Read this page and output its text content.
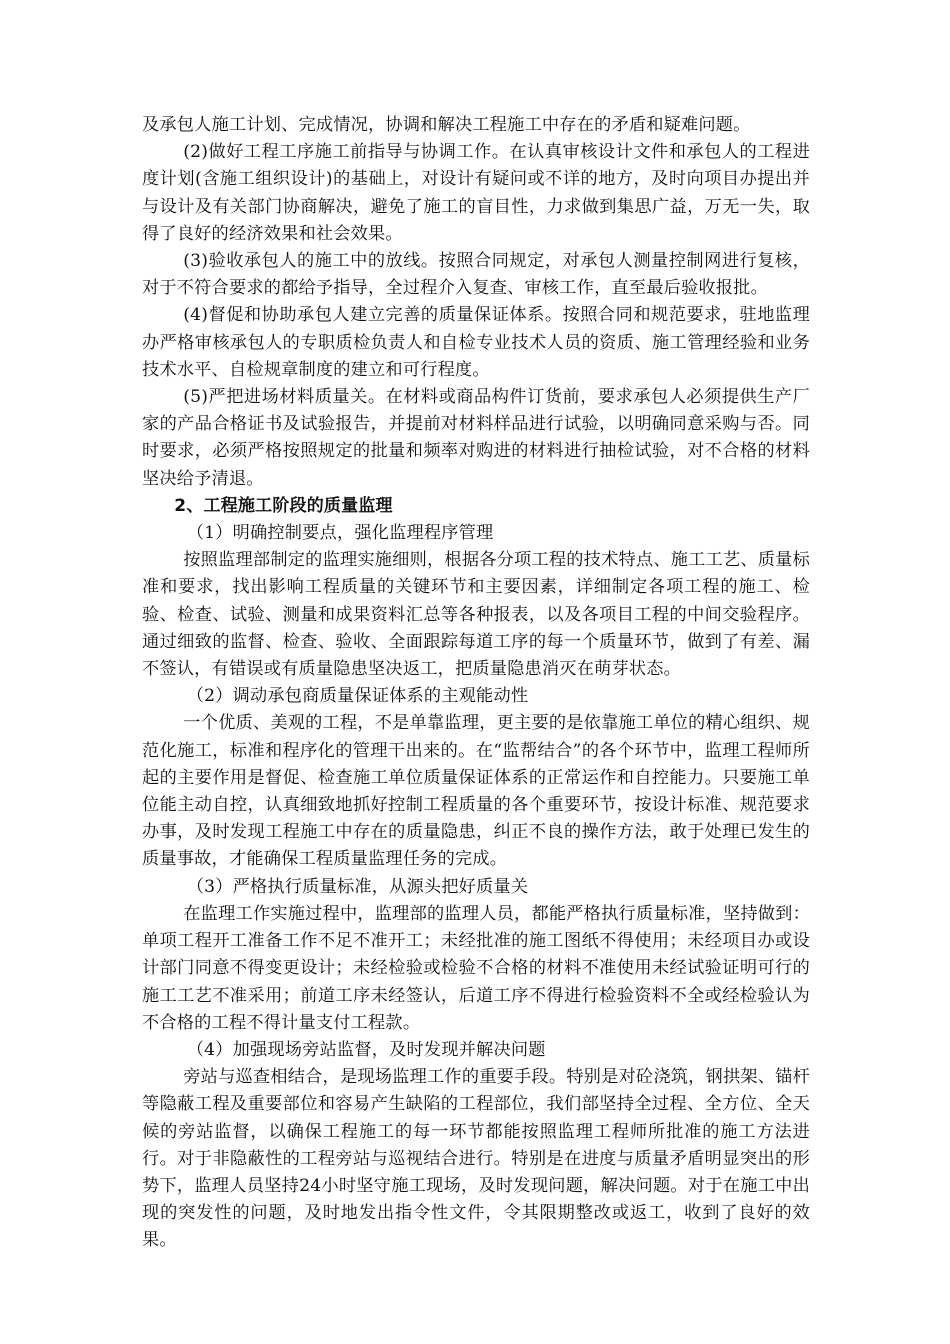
及承包人施工计划、完成情况，协调和解决工程施工中存在的矛盾和疑难问题。

(2)做好工程工序施工前指导与协调工作。在认真审核设计文件和承包人的工程进度计划(含施工组织设计)的基础上，对设计有疑问或不详的地方，及时向项目办提出并与设计及有关部门协商解决，避免了施工的盲目性，力求做到集思广益，万无一失，取得了良好的经济效果和社会效果。

(3)验收承包人的施工中的放线。按照合同规定，对承包人测量控制网进行复核，对于不符合要求的都给予指导，全过程介入复查、审核工作，直至最后验收报批。

(4)督促和协助承包人建立完善的质量保证体系。按照合同和规范要求，驻地监理办严格审核承包人的专职质检负责人和自检专业技术人员的资质、施工管理经验和业务技术水平、自检规章制度的建立和可行程度。

(5)严把进场材料质量关。在材料或商品构件订货前，要求承包人必须提供生产厂家的产品合格证书及试验报告，并提前对材料样品进行试验，以明确同意采购与否。同时要求，必须严格按照规定的批量和频率对购进的材料进行抽检试验，对不合格的材料坚决给予清退。

2、工程施工阶段的质量监理

（1）明确控制要点，强化监理程序管理

按照监理部制定的监理实施细则，根据各分项工程的技术特点、施工工艺、质量标准和要求，找出影响工程质量的关键环节和主要因素，详细制定各项工程的施工、检验、检查、试验、测量和成果资料汇总等各种报表，以及各项目工程的中间交验程序。通过细致的监督、检查、验收、全面跟踪每道工序的每一个质量环节，做到了有差、漏不签认，有错误或有质量隐患坚决返工，把质量隐患消灭在萌芽状态。

（2）调动承包商质量保证体系的主观能动性

一个优质、美观的工程，不是单靠监理，更主要的是依靠施工单位的精心组织、规范化施工，标准和程序化的管理干出来的。在“监帮结合”的各个环节中，监理工程师所起的主要作用是督促、检查施工单位质量保证体系的正常运作和自控能力。只要施工单位能主动自控，认真细致地抓好控制工程质量的各个重要环节，按设计标准、规范要求办事，及时发现工程施工中存在的质量隐患，纠正不良的操作方法，敢于处理已发生的质量事故，才能确保工程质量监理任务的完成。

（3）严格执行质量标准，从源头把好质量关

在监理工作实施过程中，监理部的监理人员，都能严格执行质量标准，坚持做到：单项工程开工准备工作不足不准开工；未经批准的施工图纸不得使用；未经项目办或设计部门同意不得变更设计；未经检验或检验不合格的材料不准使用未经试验证明可行的施工工艺不准采用；前道工序未经签认，后道工序不得进行检验资料不全或经检验认为不合格的工程不得计量支付工程款。

（4）加强现场旁站监督，及时发现并解决问题

旁站与巡查相结合，是现场监理工作的重要手段。特别是对砼浇筑，钢拱架、锚杆等隐蔽工程及重要部位和容易产生缺陷的工程部位，我们部坚持全过程、全方位、全天候的旁站监督，以确保工程施工的每一环节都能按照监理工程师所批准的施工方法进行。对于非隐蔽性的工程旁站与巡视结合进行。特别是在进度与质量矛盾明显突出的形势下，监理人员坚持24小时坚守施工现场，及时发现问题，解决问题。对于在施工中出现的突发性的问题，及时地发出指令性文件，令其限期整改或返工，收到了良好的效果。
